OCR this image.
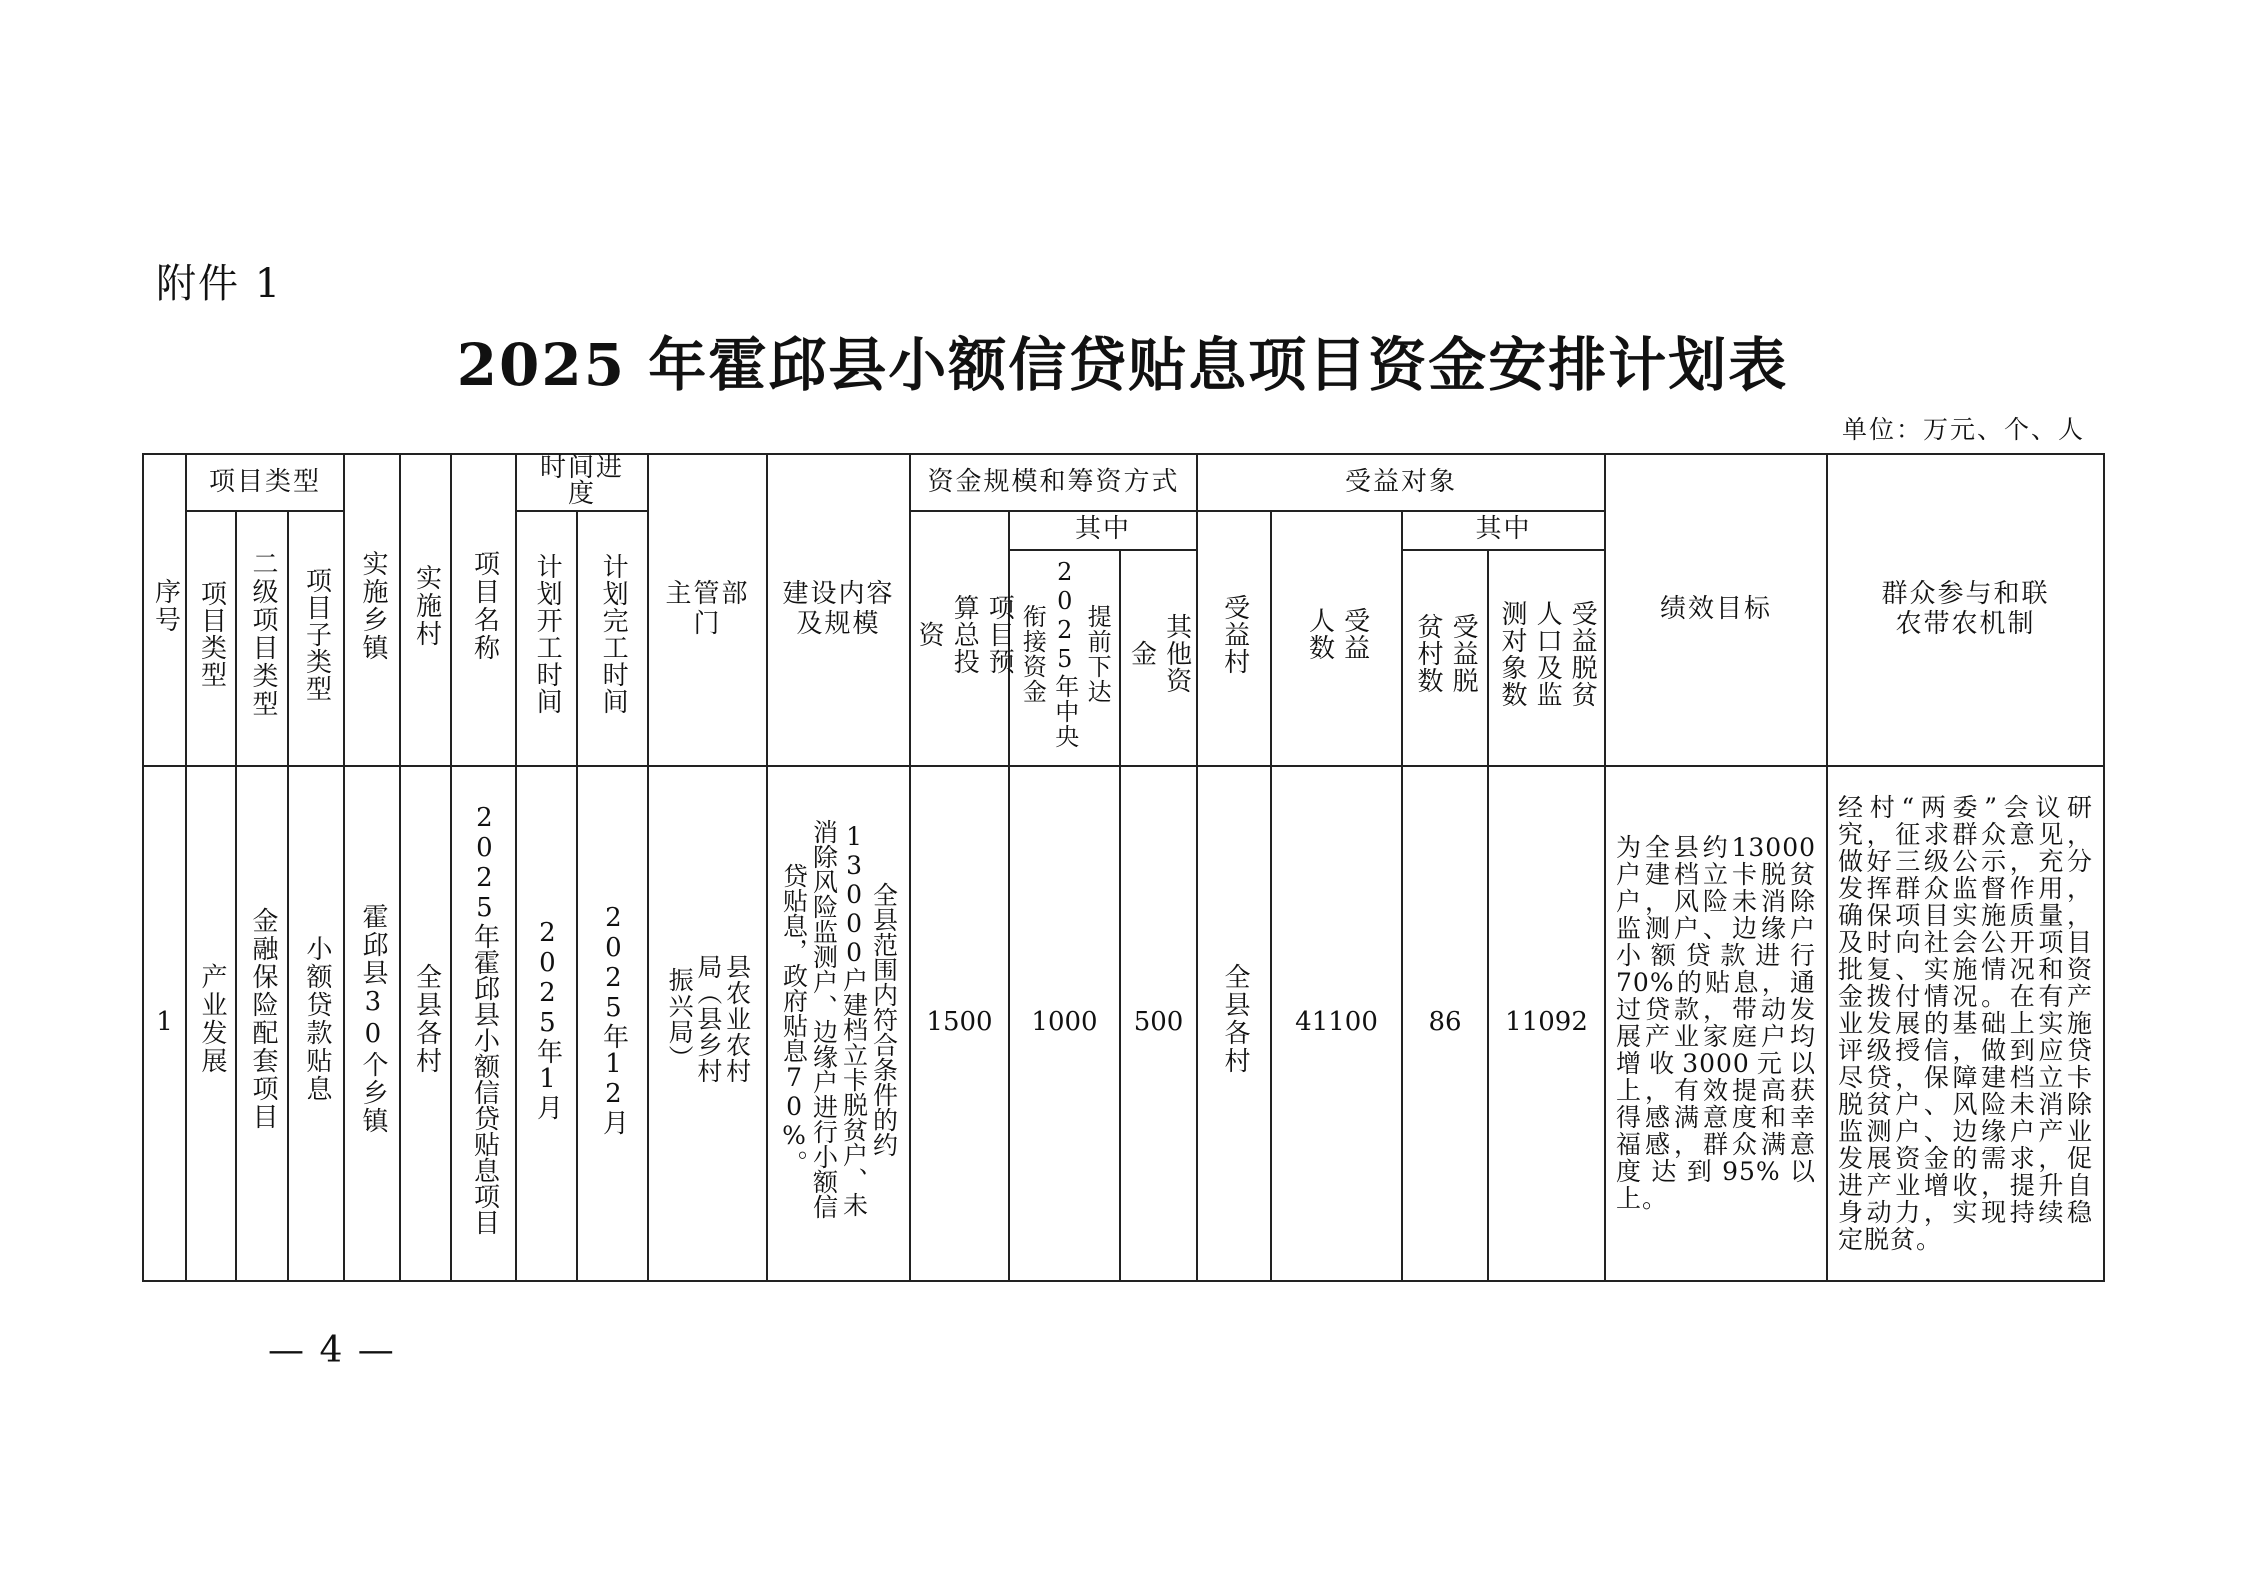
附件 1
2025 年霍邱县小额信贷贴息项目资金安排计划表
单位：万元、个、人
序号	项目类型			实施乡镇	实施村	项目名称	时间进度		主管部门	建设内容及规模	资金规模和筹资方式			受益对象				绩效目标	群众参与和联农带农机制
	项目类型	二级项目类型	项目子类型				计划开工时间	计划完工时间			项目预算总投资	其中		受益村	受益人数	其中			
												提前下达2025年中央衔接资金	其他资金			受益脱贫村数	受益脱贫人口及监测对象数		
1	产业发展	金融保险配套项目	小额贷款贴息	霍邱县30个乡镇	全县各村	2025年霍邱县小额信贷贴息项目	2025年1月	2025年12月	县农业农村局（县乡村振兴局）	全县范围内符合条件的约13000户建档立卡脱贫户、未消除风险监测户、边缘户进行小额信贷贴息，政府贴息70%。	1500	1000	500	全县各村	41100	86	11092	为全县约13000户建档立卡脱贫户，风险未消除监测户、边缘户小额贷款进行70%的贴息，通过贷款，带动发展产业家庭户均增收3000元以上，有效提高获得感满意度和幸福感，群众满意度达到95%以上。	经村“两委”会议研究，征求群众意见，做好三级公示，充分发挥群众监督作用，确保项目实施质量，及时向社会公开项目批复、实施情况和资金拨付情况。在有产业发展的基础上实施评级授信，做到应贷尽贷，保障建档立卡脱贫户、风险未消除监测户、边缘户产业发展资金的需求，促进产业增收，提升自身动力，实现持续稳定脱贫。
— 4 —
